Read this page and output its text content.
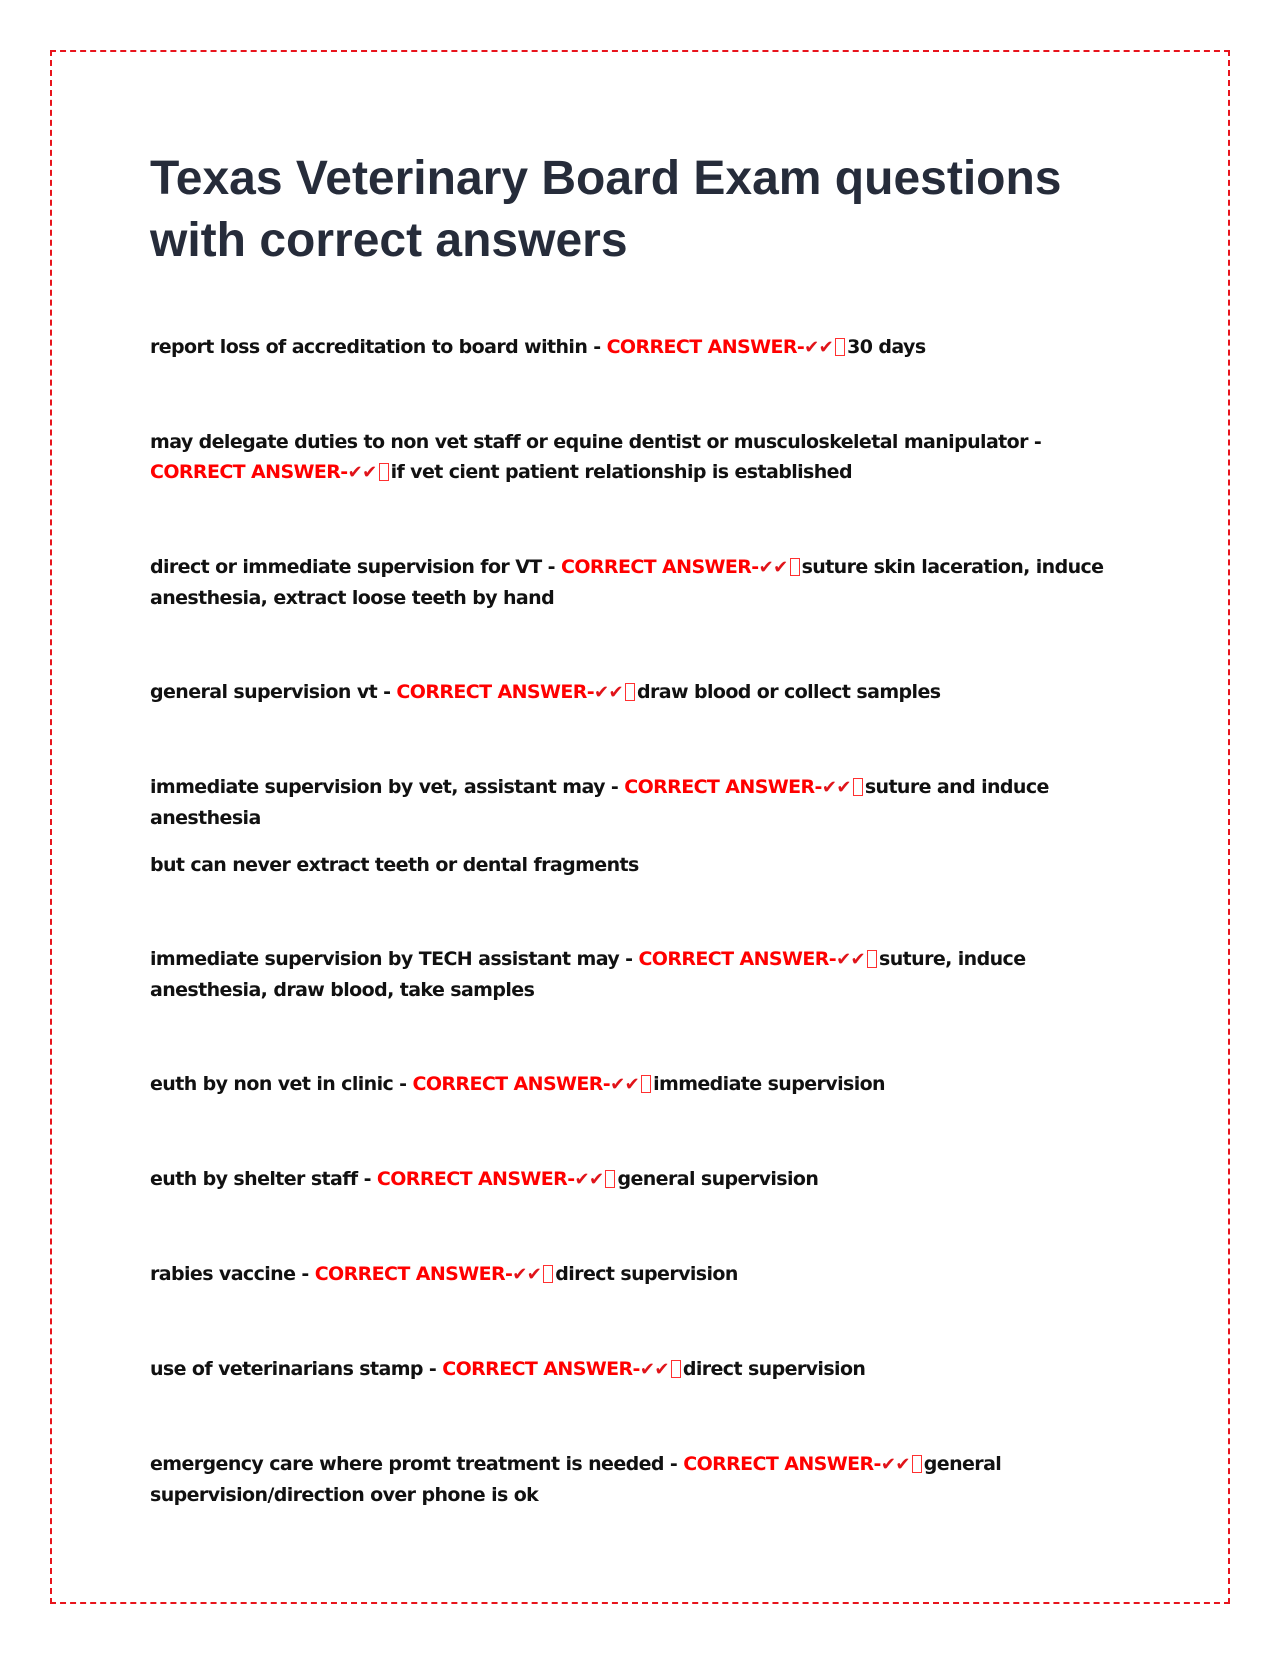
Texas Veterinary Board Exam questions with correct answers

report loss of accreditation to board within - CORRECT ANSWER-✔✔ 30 days

may delegate duties to non vet staff or equine dentist or musculoskeletal manipulator - CORRECT ANSWER-✔✔ if vet cient patient relationship is established

direct or immediate supervision for VT - CORRECT ANSWER-✔✔ suture skin laceration, induce anesthesia, extract loose teeth by hand

general supervision vt - CORRECT ANSWER-✔✔ draw blood or collect samples

immediate supervision by vet, assistant may - CORRECT ANSWER-✔✔ suture and induce anesthesia
but can never extract teeth or dental fragments

immediate supervision by TECH assistant may - CORRECT ANSWER-✔✔ suture, induce anesthesia, draw blood, take samples

euth by non vet in clinic - CORRECT ANSWER-✔✔ immediate supervision

euth by shelter staff - CORRECT ANSWER-✔✔ general supervision

rabies vaccine - CORRECT ANSWER-✔✔ direct supervision

use of veterinarians stamp - CORRECT ANSWER-✔✔ direct supervision

emergency care where promt treatment is needed - CORRECT ANSWER-✔✔ general supervision/direction over phone is ok
